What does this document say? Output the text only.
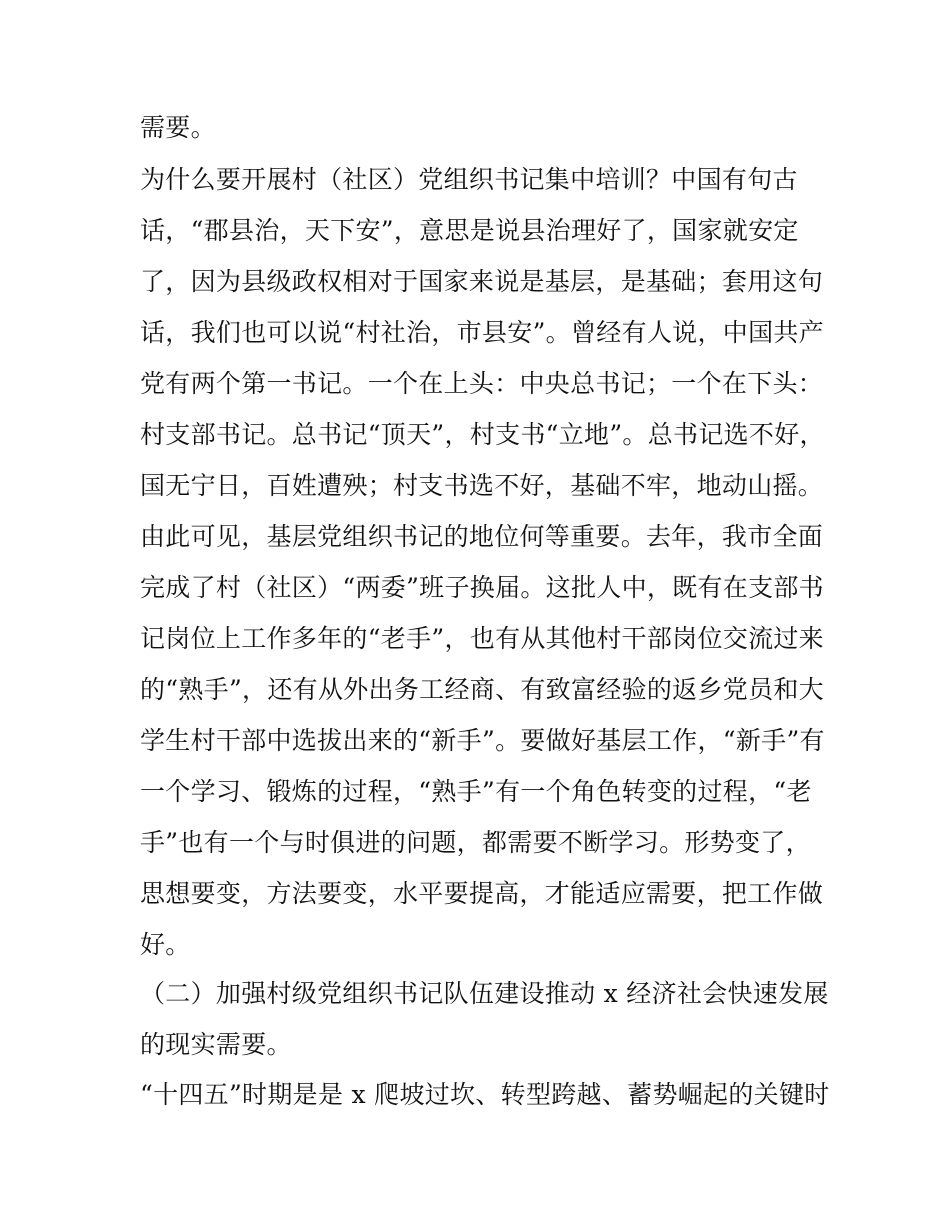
需要。
为什么要开展村（社区）党组织书记集中培训？中国有句古
话，“郡县治，天下安”，意思是说县治理好了，国家就安定
了，因为县级政权相对于国家来说是基层，是基础；套用这句
话，我们也可以说“村社治，市县安”。曾经有人说，中国共产
党有两个第一书记。一个在上头：中央总书记；一个在下头：
村支部书记。总书记“顶天”，村支书“立地”。总书记选不好，
国无宁日，百姓遭殃；村支书选不好，基础不牢，地动山摇。
由此可见，基层党组织书记的地位何等重要。去年，我市全面
完成了村（社区）“两委”班子换届。这批人中，既有在支部书
记岗位上工作多年的“老手”，也有从其他村干部岗位交流过来
的“熟手”，还有从外出务工经商、有致富经验的返乡党员和大
学生村干部中选拔出来的“新手”。要做好基层工作，“新手”有
一个学习、锻炼的过程，“熟手”有一个角色转变的过程，“老
手”也有一个与时俱进的问题，都需要不断学习。形势变了，
思想要变，方法要变，水平要提高，才能适应需要，把工作做
好。
（二）加强村级党组织书记队伍建设推动 x 经济社会快速发展
的现实需要。
“十四五”时期是是 x 爬坡过坎、转型跨越、蓄势崛起的关键时
